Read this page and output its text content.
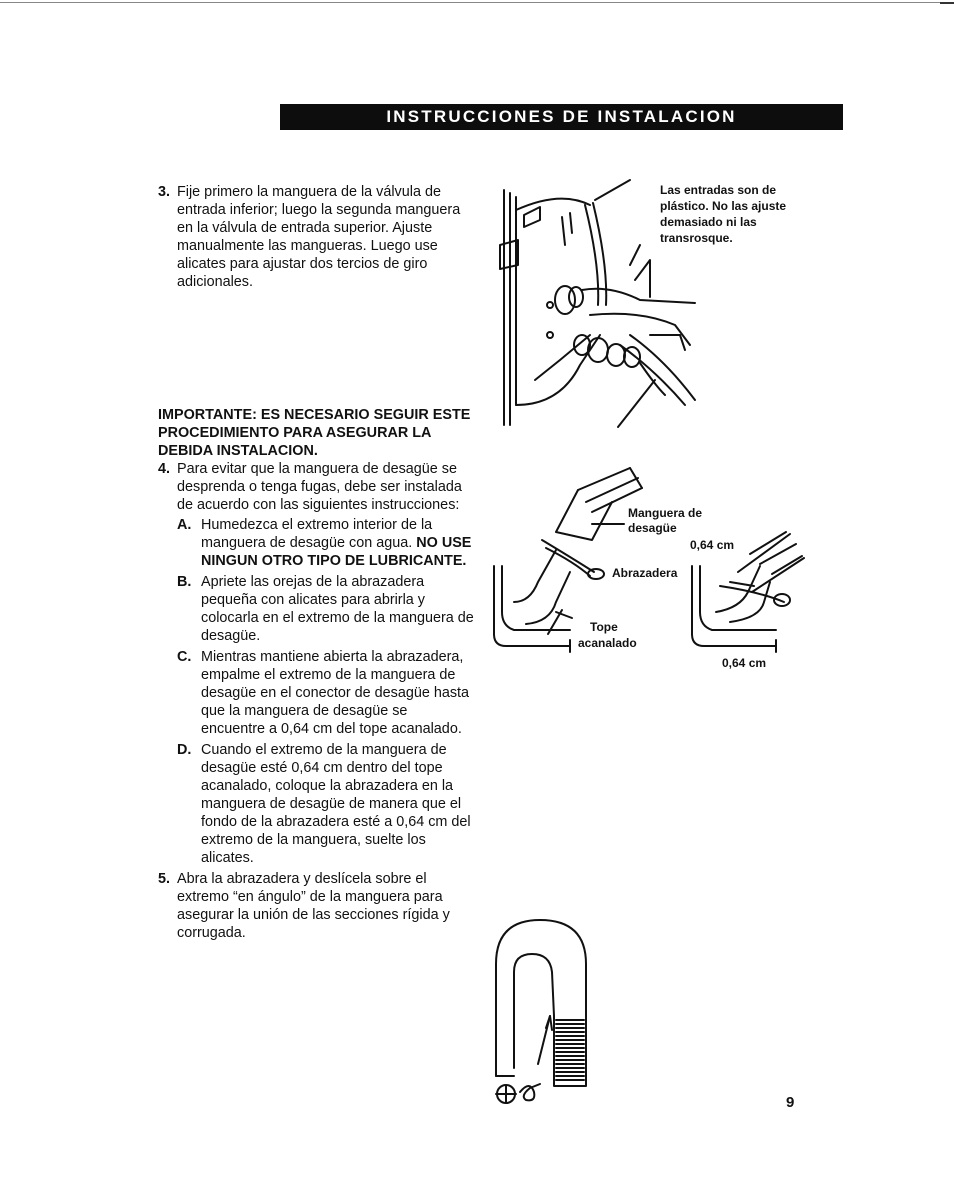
INSTRUCCIONES DE INSTALACION
3. Fije primero la manguera de la válvula de entrada inferior; luego la segunda manguera en la válvula de entrada superior. Ajuste manualmente las mangueras. Luego use alicates para ajustar dos tercios de giro adicionales.
IMPORTANTE: ES NECESARIO SEGUIR ESTE PROCEDIMIENTO PARA ASEGURAR LA DEBIDA INSTALACION.
4. Para evitar que la manguera de desagüe se desprenda o tenga fugas, debe ser instalada de acuerdo con las siguientes instrucciones:
A. Humedezca el extremo interior de la manguera de desagüe con agua. NO USE NINGUN OTRO TIPO DE LUBRICANTE.
B. Apriete las orejas de la abrazadera pequeña con alicates para abrirla y colocarla en el extremo de la manguera de desagüe.
C. Mientras mantiene abierta la abrazadera, empalme el extremo de la manguera de desagüe en el conector de desagüe hasta que la manguera de desagüe se encuentre a 0,64 cm del tope acanalado.
D. Cuando el extremo de la manguera de desagüe esté 0,64 cm dentro del tope acanalado, coloque la abrazadera en la manguera de desagüe de manera que el fondo de la abrazadera esté a 0,64 cm del extremo de la manguera, suelte los alicates.
5. Abra la abrazadera y deslícela sobre el extremo “en ángulo” de la manguera para asegurar la unión de las secciones rígida y corrugada.
Las entradas son de plástico. No las ajuste demasiado ni las transrosque.
Manguera de
desagüe
0,64 cm
Abrazadera
Tope
acanalado
0,64 cm
9
